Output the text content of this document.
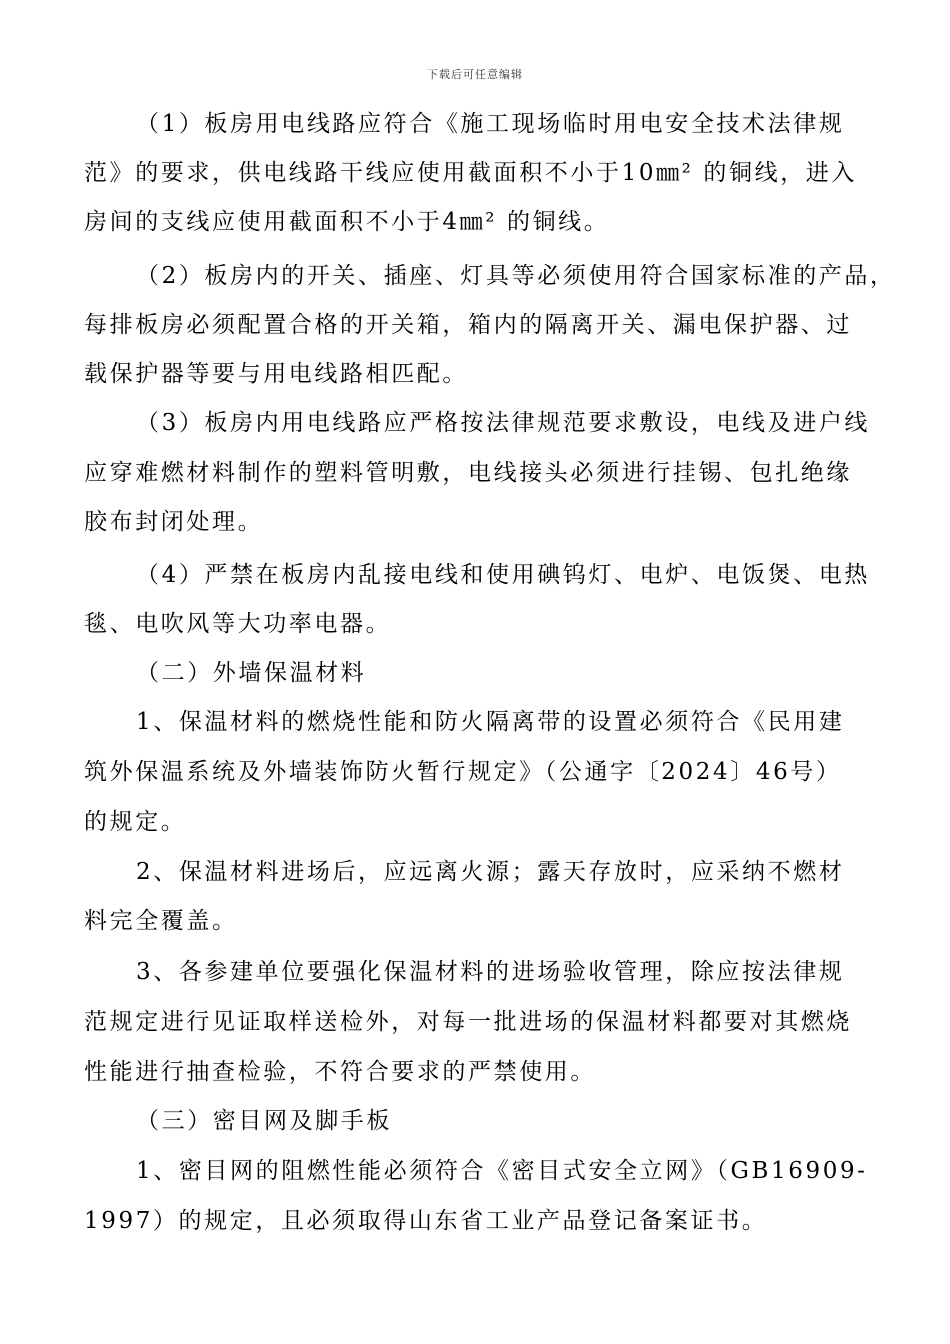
下载后可任意编辑
（1）板房用电线路应符合《施工现场临时用电安全技术法律规
范》的要求，供电线路干线应使用截面积不小于10㎜² 的铜线，进入
房间的支线应使用截面积不小于4㎜² 的铜线。
（2）板房内的开关、插座、灯具等必须使用符合国家标准的产品，
每排板房必须配置合格的开关箱，箱内的隔离开关、漏电保护器、过
载保护器等要与用电线路相匹配。
（3）板房内用电线路应严格按法律规范要求敷设，电线及进户线
应穿难燃材料制作的塑料管明敷，电线接头必须进行挂锡、包扎绝缘
胶布封闭处理。
（4）严禁在板房内乱接电线和使用碘钨灯、电炉、电饭煲、电热
毯、电吹风等大功率电器。
（二）外墙保温材料
1、保温材料的燃烧性能和防火隔离带的设置必须符合《民用建
筑外保温系统及外墙装饰防火暂行规定》（公通字〔2024〕46号）
的规定。
2、保温材料进场后，应远离火源；露天存放时，应采纳不燃材
料完全覆盖。
3、各参建单位要强化保温材料的进场验收管理，除应按法律规
范规定进行见证取样送检外，对每一批进场的保温材料都要对其燃烧
性能进行抽查检验，不符合要求的严禁使用。
（三）密目网及脚手板
1、密目网的阻燃性能必须符合《密目式安全立网》（GB16909-
1997）的规定，且必须取得山东省工业产品登记备案证书。
